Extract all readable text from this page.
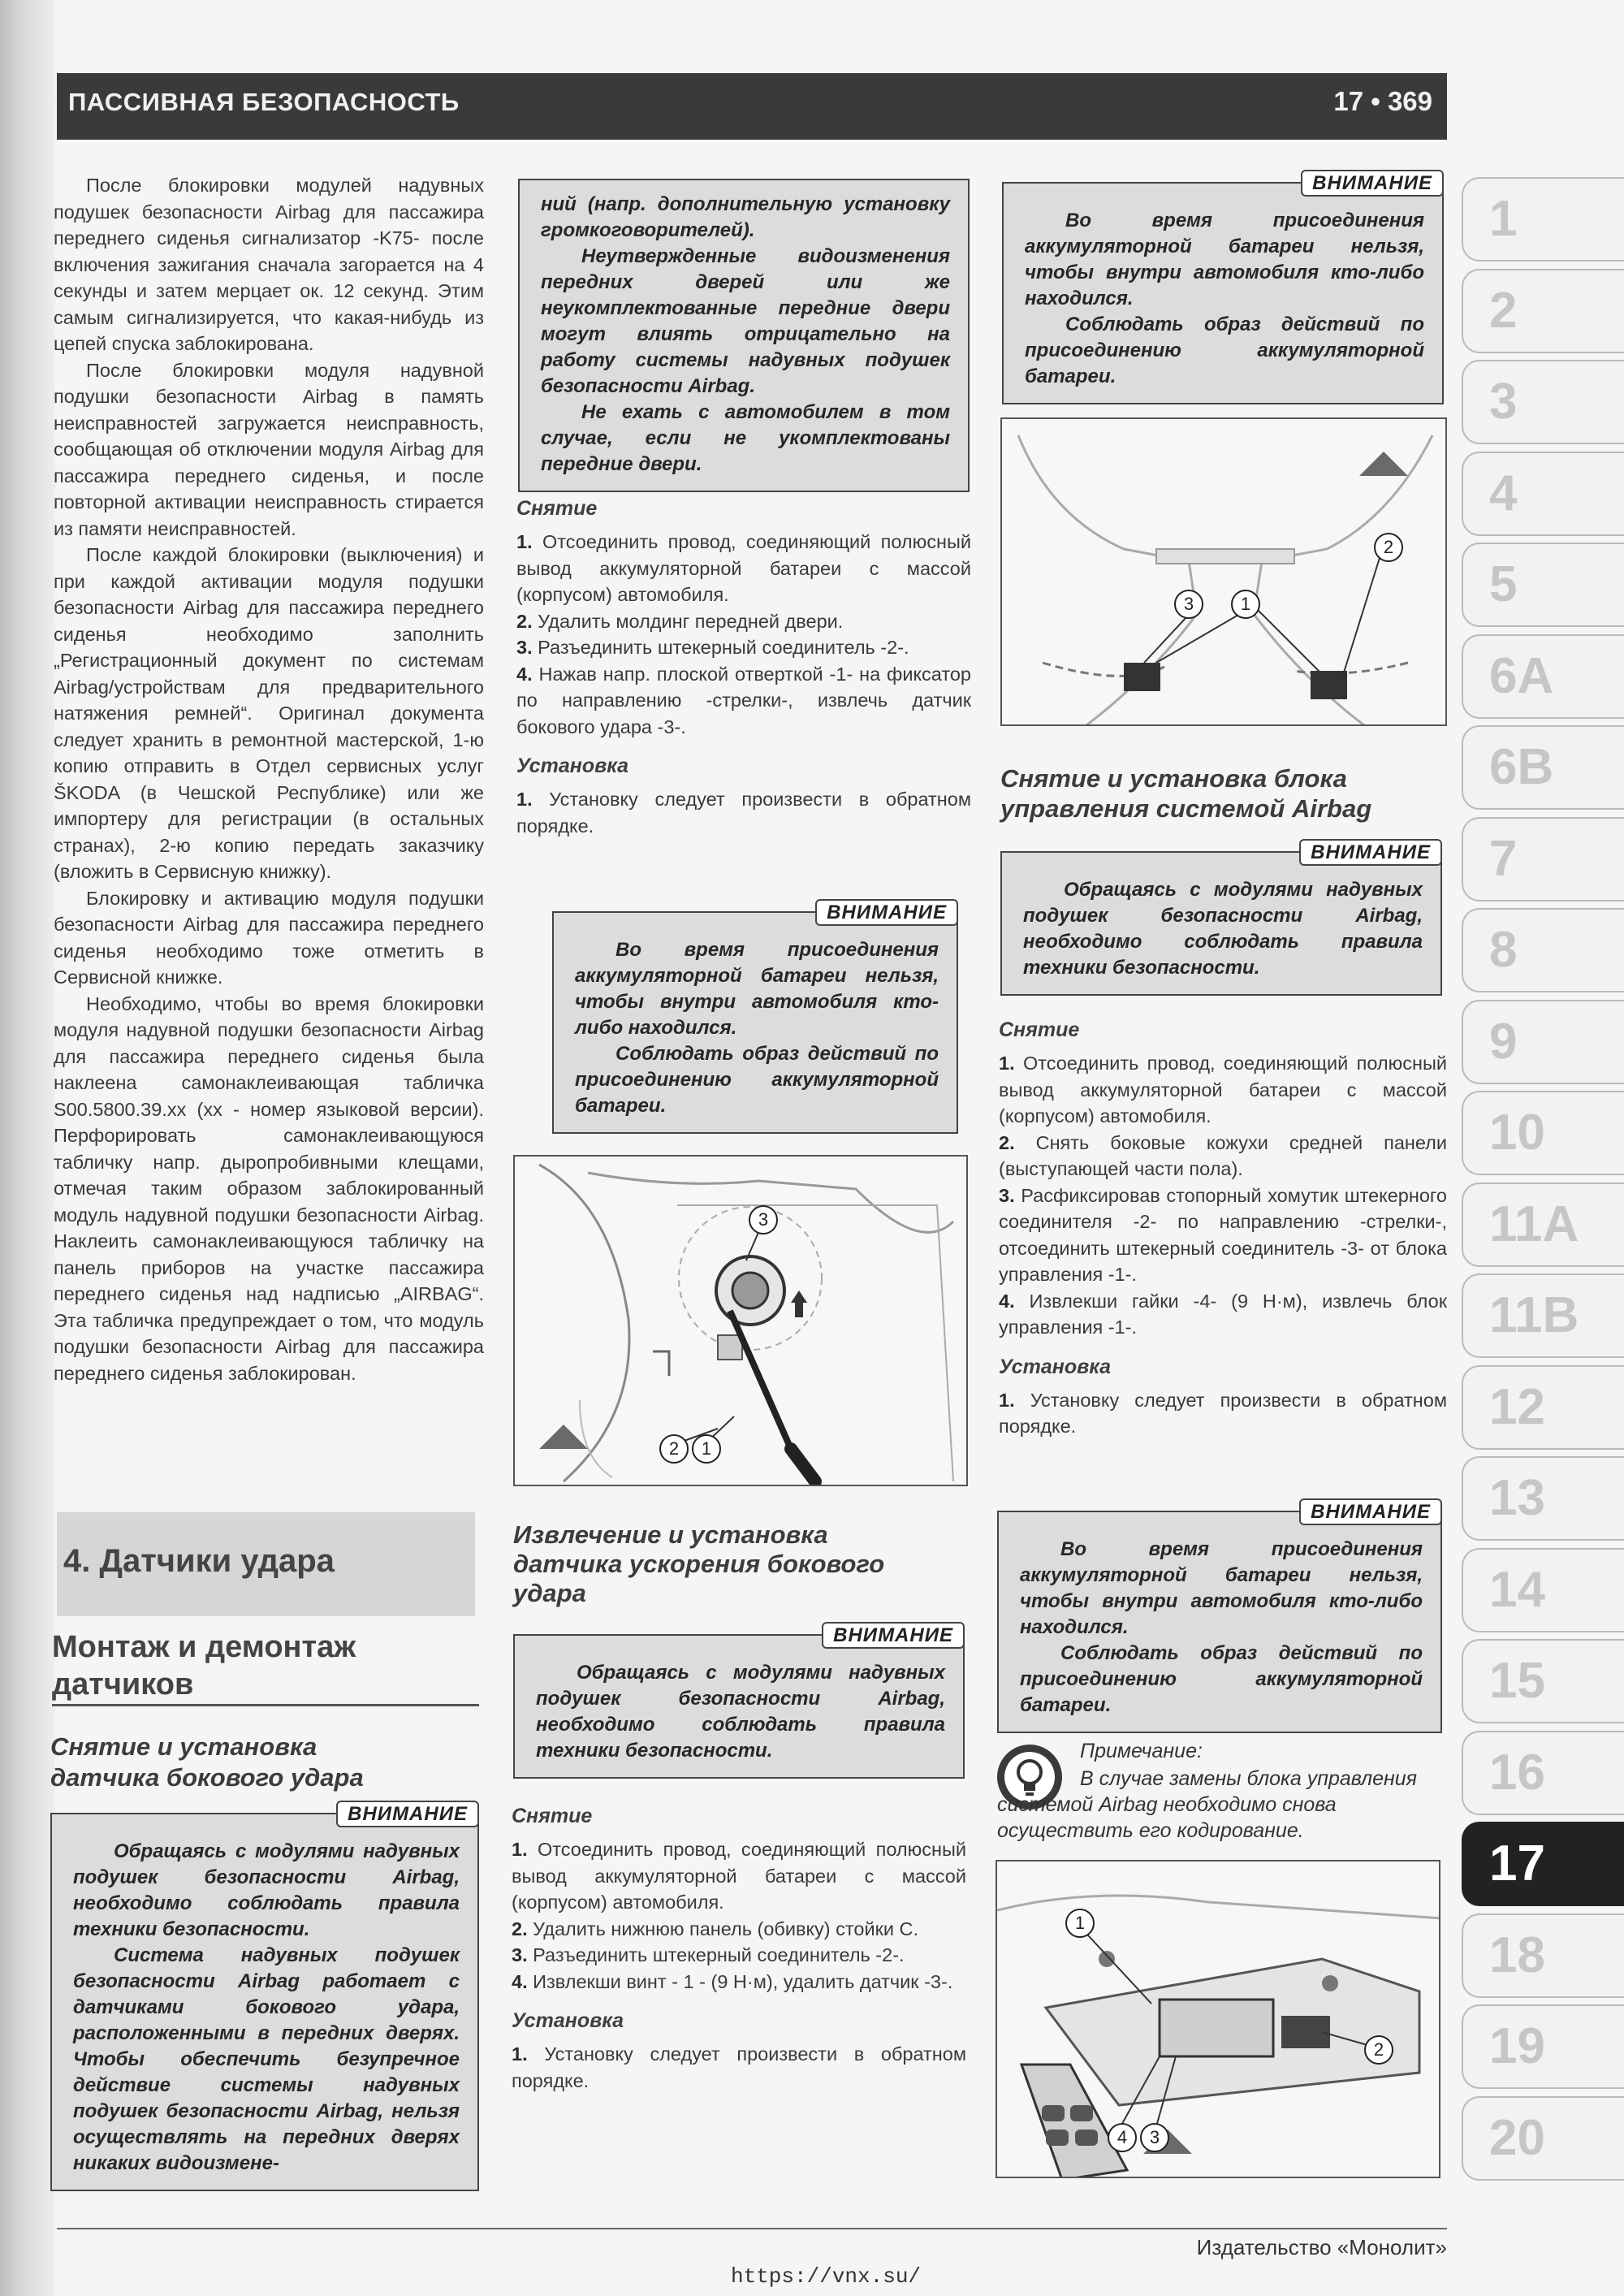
ПАССИВНАЯ БЕЗОПАСНОСТЬ	17 • 369

После блокировки модулей надувных подушек безопасности Airbag для пассажира переднего сиденья сигнализатор -K75- после включения зажигания сначала загорается на 4 секунды и затем мерцает ок. 12 секунд. Этим самым сигнализируется, что какая-нибудь из цепей спуска заблокирована.

После блокировки модуля надувной подушки безопасности Airbag в память неисправностей загружается неисправность, сообщающая об отключении модуля Airbag для пассажира переднего сиденья, и после повторной активации неисправность стирается из памяти неисправностей.

После каждой блокировки (выключения) и при каждой активации модуля подушки безопасности Airbag для пассажира переднего сиденья необходимо заполнить „Регистрационный документ по системам Airbag/устройствам для предварительного натяжения ремней“. Оригинал документа следует хранить в ремонтной мастерской, 1-ю копию отправить в Отдел сервисных услуг ŠKODA (в Чешской Республике) или же импортеру для регистрации (в остальных странах), 2-ю копию передать заказчику (вложить в Сервисную книжку).

Блокировку и активацию модуля подушки безопасности Airbag для пассажира переднего сиденья необходимо тоже отметить в Сервисной книжке.

Необходимо, чтобы во время блокировки модуля надувной подушки безопасности Airbag для пассажира переднего сиденья была наклеена самонаклеивающая табличка S00.5800.39.xx (xx - номер языковой версии). Перфорировать самонаклеивающуюся табличку напр. дыропробивными клещами, отмечая таким образом заблокированный модуль надувной подушки безопасности Airbag. Наклеить самонаклеивающуюся табличку на панель приборов на участке пассажира переднего сиденья над надписью „AIRBAG“. Эта табличка предупреждает о том, что модуль подушки безопасности Airbag для пассажира переднего сиденья заблокирован.

4. Датчики удара
Монтаж и демонтаж датчиков
Снятие и установка датчика бокового удара
ВНИМАНИЕ

Обращаясь с модулями надувных подушек безопасности Airbag, необходимо соблюдать правила техники безопасности.

Система надувных подушек безопасности Airbag работает с датчиками бокового удара, расположенными в передних дверях. Чтобы обеспечить безупречное действие системы надувных подушек безопасности Airbag, нельзя осуществлять на передних дверях никаких видоизмене-

ний (напр. дополнительную установку громкоговорителей).

Неутвержденные видоизменения передних дверей или же неукомплектованные передние двери могут влиять отрицательно на работу системы надувных подушек безопасности Airbag.

Не ехать с автомобилем в том случае, если не укомплектованы передние двери.

Снятие
1. Отсоединить провод, соединяющий полюсный вывод аккумуляторной батареи с массой (корпусом) автомобиля.
2. Удалить молдинг передней двери.
3. Разъединить штекерный соединитель -2-.
4. Нажав напр. плоской отверткой -1- на фиксатор по направлению -стрелки-, извлечь датчик бокового удара -3-.
Установка
1. Установку следует произвести в обратном порядке.
ВНИМАНИЕ

Во время присоединения аккумуляторной батареи нельзя, чтобы внутри автомобиля кто-либо находился.

Соблюдать образ действий по присоединению аккумуляторной батареи.

3
2	1
Извлечение и установка датчика ускорения бокового удара
ВНИМАНИЕ

Обращаясь с модулями надувных подушек безопасности Airbag, необходимо соблюдать правила техники безопасности.

Снятие
1. Отсоединить провод, соединяющий полюсный вывод аккумуляторной батареи с массой (корпусом) автомобиля.
2. Удалить нижнюю панель (обивку) стойки С.
3. Разъединить штекерный соединитель -2-.
4. Извлекши винт - 1 - (9 Н·м), удалить датчик -3-.
Установка
1. Установку следует произвести в обратном порядке.
ВНИМАНИЕ

Во время присоединения аккумуляторной батареи нельзя, чтобы внутри автомобиля кто-либо находился.

Соблюдать образ действий по присоединению аккумуляторной батареи.

3	1
2
Снятие и установка блока управления системой Airbag
ВНИМАНИЕ

Обращаясь с модулями надувных подушек безопасности Airbag, необходимо соблюдать правила техники безопасности.

Снятие
1. Отсоединить провод, соединяющий полюсный вывод аккумуляторной батареи с массой (корпусом) автомобиля.
2. Снять боковые кожухи средней панели (выступающей части пола).
3. Расфиксировав стопорный хомутик штекерного соединителя -2- по направлению -стрелки-, отсоединить штекерный соединитель -3- от блока управления -1-.
4. Извлекши гайки -4- (9 Н·м), извлечь блок управления -1-.
Установка
1. Установку следует произвести в обратном порядке.
ВНИМАНИЕ

Во время присоединения аккумуляторной батареи нельзя, чтобы внутри автомобиля кто-либо находился.

Соблюдать образ действий по присоединению аккумуляторной батареи.

Примечание:
В случае замены блока управления системой Airbag необходимо снова осуществить его кодирование.
1
2
4	3
1
2
3
4
5
6A
6B
7
8
9
10
11A
11B
12
13
14
15
16
17
18
19
20
Издательство «Монолит»
https://vnx.su/
